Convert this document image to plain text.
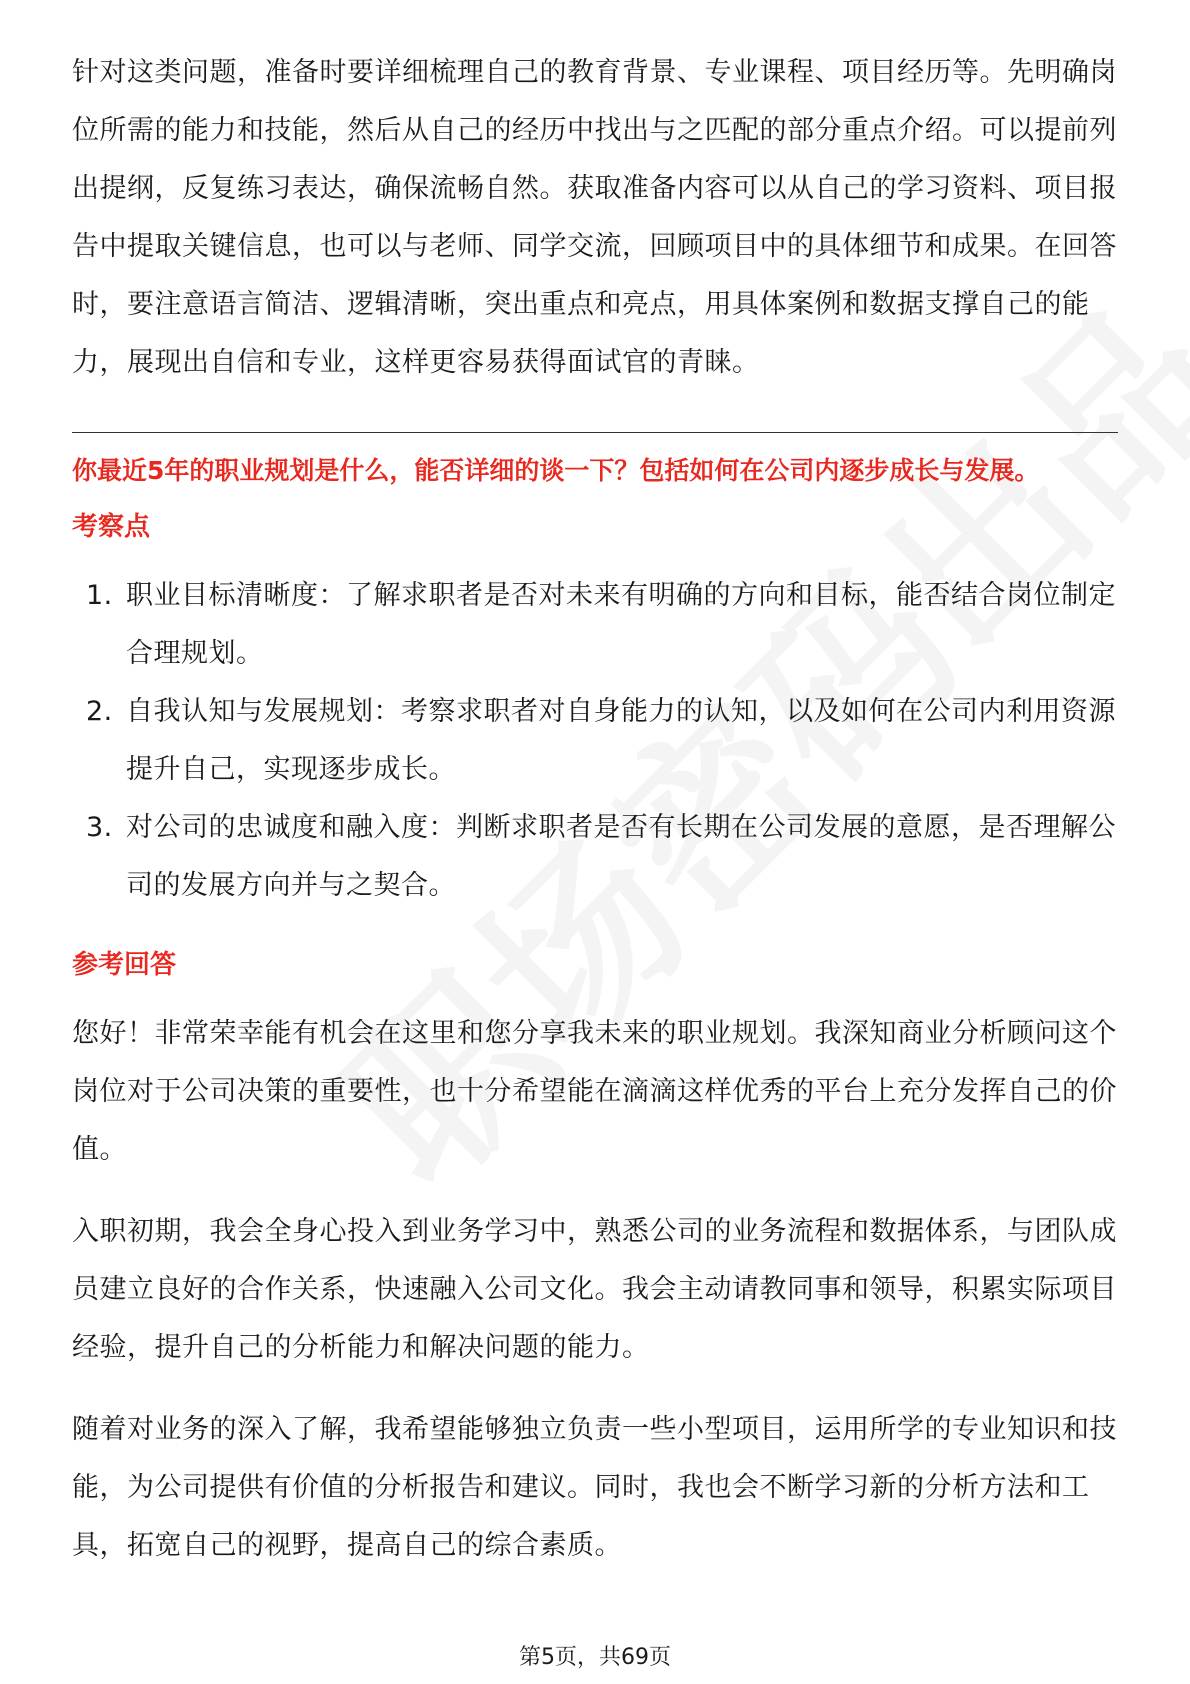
针对这类问题，准备时要详细梳理自己的教育背景、专业课程、项目经历等。先明确岗位所需的能力和技能，然后从自己的经历中找出与之匹配的部分重点介绍。可以提前列出提纲，反复练习表达，确保流畅自然。获取准备内容可以从自己的学习资料、项目报告中提取关键信息，也可以与老师、同学交流，回顾项目中的具体细节和成果。在回答时，要注意语言简洁、逻辑清晰，突出重点和亮点，用具体案例和数据支撑自己的能力，展现出自信和专业，这样更容易获得面试官的青睐。

你最近5年的职业规划是什么，能否详细的谈一下？包括如何在公司内逐步成长与发展。

考察点
1. 职业目标清晰度：了解求职者是否对未来有明确的方向和目标，能否结合岗位制定合理规划。
2. 自我认知与发展规划：考察求职者对自身能力的认知，以及如何在公司内利用资源提升自己，实现逐步成长。
3. 对公司的忠诚度和融入度：判断求职者是否有长期在公司发展的意愿，是否理解公司的发展方向并与之契合。
参考回答

您好！非常荣幸能有机会在这里和您分享我未来的职业规划。我深知商业分析顾问这个岗位对于公司决策的重要性，也十分希望能在滴滴这样优秀的平台上充分发挥自己的价值。

入职初期，我会全身心投入到业务学习中，熟悉公司的业务流程和数据体系，与团队成员建立良好的合作关系，快速融入公司文化。我会主动请教同事和领导，积累实际项目经验，提升自己的分析能力和解决问题的能力。

随着对业务的深入了解，我希望能够独立负责一些小型项目，运用所学的专业知识和技能，为公司提供有价值的分析报告和建议。同时，我也会不断学习新的分析方法和工具，拓宽自己的视野，提高自己的综合素质。

第5页，共69页
